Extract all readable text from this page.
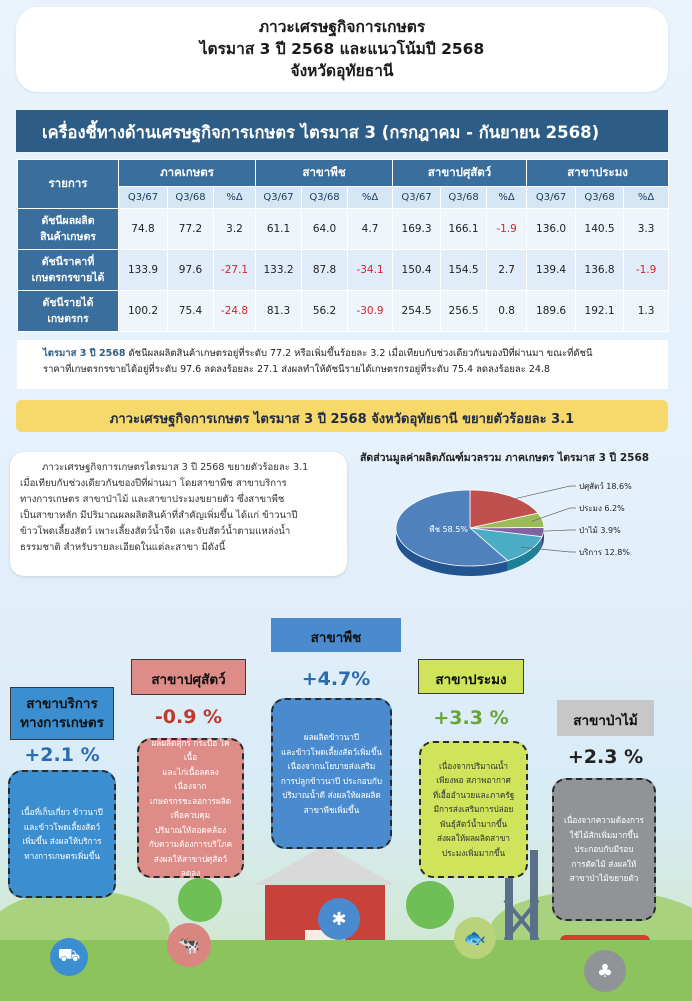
ภาวะเศรษฐกิจการเกษตร
ไตรมาส 3 ปี 2568 และแนวโน้มปี 2568
จังหวัดอุทัยธานี
เครื่องชี้ทางด้านเศรษฐกิจการเกษตร ไตรมาส 3 (กรกฎาคม - กันยายน 2568)
รายการ	ภาคเกษตร			สาขาพืช			สาขาปศุสัตว์			สาขาประมง		
	Q3/67	Q3/68	%Δ	Q3/67	Q3/68	%Δ	Q3/67	Q3/68	%Δ	Q3/67	Q3/68	%Δ

ดัชนีผลผลิต
สินค้าเกษตร	74.8	77.2	3.2	61.1	64.0	4.7	169.3	166.1	-1.9	136.0	140.5	3.3

ดัชนีราคาที่
เกษตรกรขายได้	133.9	97.6	-27.1	133.2	87.8	-34.1	150.4	154.5	2.7	139.4	136.8	-1.9

ดัชนีรายได้
เกษตรกร	100.2	75.4	-24.8	81.3	56.2	-30.9	254.5	256.5	0.8	189.6	192.1	1.3
ไตรมาส 3 ปี 2568 ดัชนีผลผลิตสินค้าเกษตรอยู่ที่ระดับ 77.2 หรือเพิ่มขึ้นร้อยละ 3.2 เมื่อเทียบกับช่วงเดียวกันของปีที่ผ่านมา ขณะที่ดัชนี
ราคาที่เกษตรกรขายได้อยู่ที่ระดับ 97.6 ลดลงร้อยละ 27.1 ส่งผลทำให้ดัชนีรายได้เกษตรกรอยู่ที่ระดับ 75.4 ลดลงร้อยละ 24.8
ภาวะเศรษฐกิจการเกษตร ไตรมาส 3 ปี 2568 จังหวัดอุทัยธานี ขยายตัวร้อยละ 3.1
ภาวะเศรษฐกิจการเกษตรไตรมาส 3 ปี 2568 ขยายตัวร้อยละ 3.1
เมื่อเทียบกับช่วงเดียวกันของปีที่ผ่านมา โดยสาขาพืช สาขาบริการ
ทางการเกษตร สาขาป่าไม้ และสาขาประมงขยายตัว ซึ่งสาขาพืช
เป็นสาขาหลัก มีปริมาณผลผลิตสินค้าที่สำคัญเพิ่มขึ้น ได้แก่ ข้าวนาปี
ข้าวโพดเลี้ยงสัตว์ เพาะเลี้ยงสัตว์น้ำจืด และจับสัตว์น้ำตามแหล่งน้ำ
ธรรมชาติ สำหรับรายละเอียดในแต่ละสาขา มีดังนี้
สัดส่วนมูลค่าผลิตภัณฑ์มวลรวม ภาคเกษตร ไตรมาส 3 ปี 2568
ปศุสัตว์ 18.6%
ประมง 6.2%
ป่าไม้ 3.9%
บริการ 12.8%
พืช 58.5%
สาขาพืช
+4.7%
ผลผลิตข้าวนาปี
และข้าวโพดเลี้ยงสัตว์เพิ่มขึ้น
เนื่องจากนโยบายส่งเสริม
การปลูกข้าวนาปี ประกอบกับ
ปริมาณน้ำดี ส่งผลให้ผลผลิต
สาขาพืชเพิ่มขึ้น
✱
สาขาปศุสัตว์
-0.9 %
ผลผลิตสุกร กระบือ โคเนื้อ
และไก่เนื้อลดลง เนื่องจาก
เกษตรกรชะลอการผลิต
เพื่อควบคุม
ปริมาณให้สอดคล้อง
กับความต้องการบริโภค
ส่งผลให้สาขาปศุสัตว์
ลดลง
🐄
สาขาประมง
+3.3 %
เนื่องจากปริมาณน้ำ
เพียงพอ สภาพอากาศ
ที่เอื้ออำนวยและภาครัฐ
มีการส่งเสริมการปล่อย
พันธุ์สัตว์น้ำมากขึ้น
ส่งผลให้ผลผลิตสาขา
ประมงเพิ่มมากขึ้น
🐟
สาขาบริการ
ทางการเกษตร
+2.1 %
เนื้อที่เก็บเกี่ยว ข้าวนาปี
และข้าวโพดเลี้ยงสัตว์
เพิ่มขึ้น ส่งผลให้บริการ
ทางการเกษตรเพิ่มขึ้น
⛟
สาขาป่าไม้
+2.3 %
เนื่องจากความต้องการ
ใช้ไม้สักเพิ่มมากขึ้น
ประกอบกับมีรอบ
การตัดไม้ ส่งผลให้
สาขาป่าไม้ขยายตัว
♣
